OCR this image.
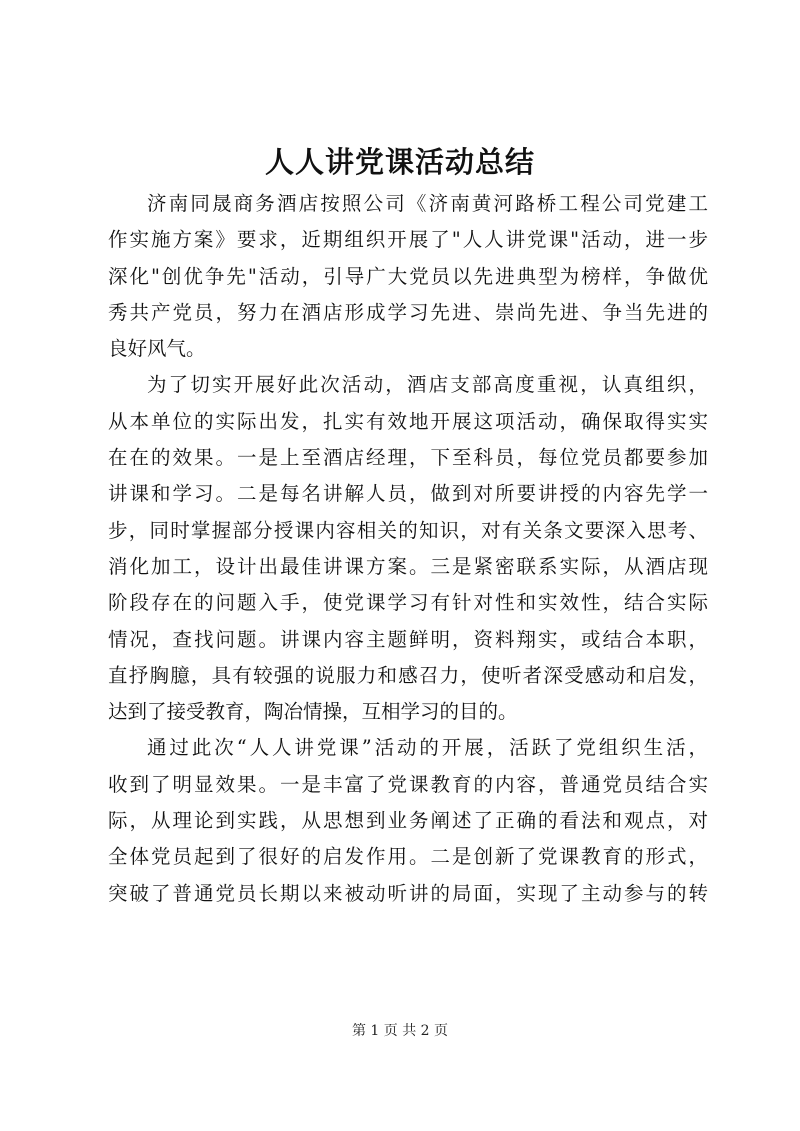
人人讲党课活动总结
济南同晟商务酒店按照公司《济南黄河路桥工程公司党建工
作实施方案》要求，近期组织开展了"人人讲党课"活动，进一步
深化"创优争先"活动，引导广大党员以先进典型为榜样，争做优
秀共产党员，努力在酒店形成学习先进、崇尚先进、争当先进的
良好风气。
为了切实开展好此次活动，酒店支部高度重视，认真组织，
从本单位的实际出发，扎实有效地开展这项活动，确保取得实实
在在的效果。一是上至酒店经理，下至科员，每位党员都要参加
讲课和学习。二是每名讲解人员，做到对所要讲授的内容先学一
步，同时掌握部分授课内容相关的知识，对有关条文要深入思考、
消化加工，设计出最佳讲课方案。三是紧密联系实际，从酒店现
阶段存在的问题入手，使党课学习有针对性和实效性，结合实际
情况，查找问题。讲课内容主题鲜明，资料翔实，或结合本职，
直抒胸臆，具有较强的说服力和感召力，使听者深受感动和启发，
达到了接受教育，陶冶情操，互相学习的目的。
通过此次“人人讲党课”活动的开展，活跃了党组织生活，
收到了明显效果。一是丰富了党课教育的内容，普通党员结合实
际，从理论到实践，从思想到业务阐述了正确的看法和观点，对
全体党员起到了很好的启发作用。二是创新了党课教育的形式，
突破了普通党员长期以来被动听讲的局面，实现了主动参与的转
第 1 页 共 2 页
